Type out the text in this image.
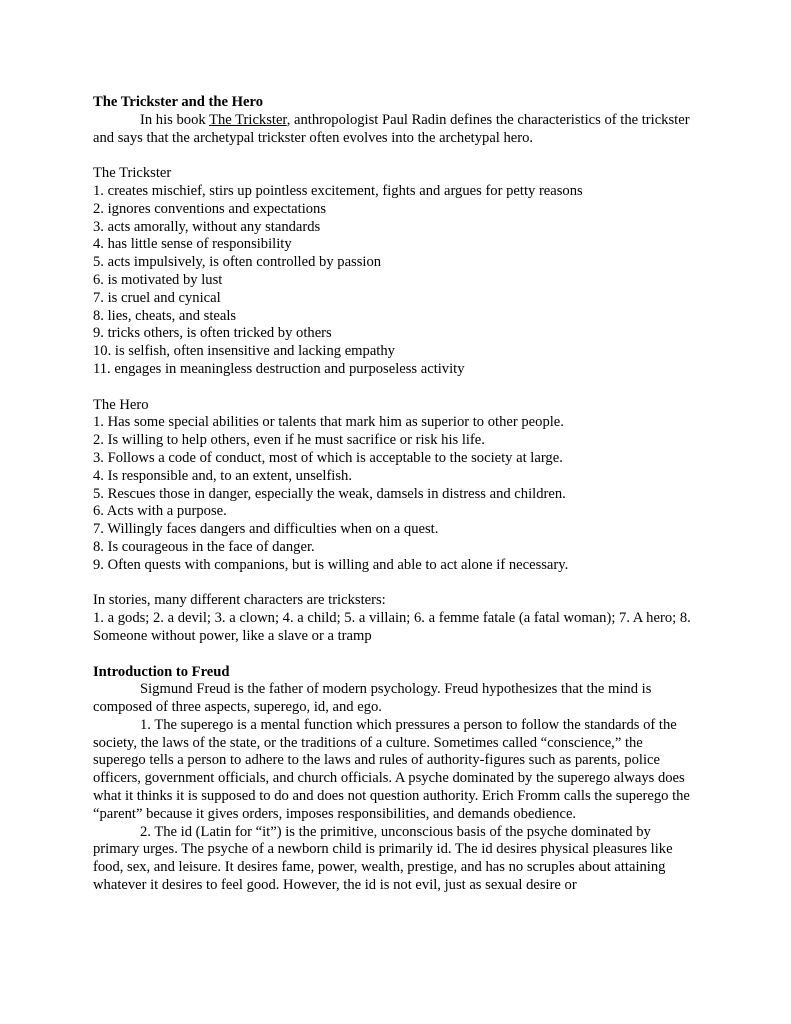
The Trickster and the Hero
In his book The Trickster, anthropologist Paul Radin defines the characteristics of the trickster and says that the archetypal trickster often evolves into the archetypal hero.
The Trickster
1. creates mischief, stirs up pointless excitement, fights and argues for petty reasons
2. ignores conventions and expectations
3. acts amorally, without any standards
4. has little sense of responsibility
5. acts impulsively, is often controlled by passion
6. is motivated by lust
7. is cruel and cynical
8. lies, cheats, and steals
9. tricks others, is often tricked by others
10. is selfish, often insensitive and lacking empathy
11. engages in meaningless destruction and purposeless activity
The Hero
1. Has some special abilities or talents that mark him as superior to other people.
2. Is willing to help others, even if he must sacrifice or risk his life.
3. Follows a code of conduct, most of which is acceptable to the society at large.
4. Is responsible and, to an extent, unselfish.
5. Rescues those in danger, especially the weak, damsels in distress and children.
6. Acts with a purpose.
7. Willingly faces dangers and difficulties when on a quest.
8. Is courageous in the face of danger.
9. Often quests with companions, but is willing and able to act alone if necessary.
In stories, many different characters are tricksters:
1. a gods; 2. a devil; 3. a clown; 4. a child; 5. a villain; 6. a femme fatale (a fatal woman); 7. A hero; 8. Someone without power, like a slave or a tramp
Introduction to Freud
Sigmund Freud is the father of modern psychology. Freud hypothesizes that the mind is composed of three aspects, superego, id, and ego.
1. The superego is a mental function which pressures a person to follow the standards of the society, the laws of the state, or the traditions of a culture. Sometimes called “conscience,” the superego tells a person to adhere to the laws and rules of authority-figures such as parents, police officers, government officials, and church officials. A psyche dominated by the superego always does what it thinks it is supposed to do and does not question authority. Erich Fromm calls the superego the “parent” because it gives orders, imposes responsibilities, and demands obedience.
2. The id (Latin for “it”) is the primitive, unconscious basis of the psyche dominated by primary urges. The psyche of a newborn child is primarily id. The id desires physical pleasures like food, sex, and leisure. It desires fame, power, wealth, prestige, and has no scruples about attaining whatever it desires to feel good. However, the id is not evil, just as sexual desire or
